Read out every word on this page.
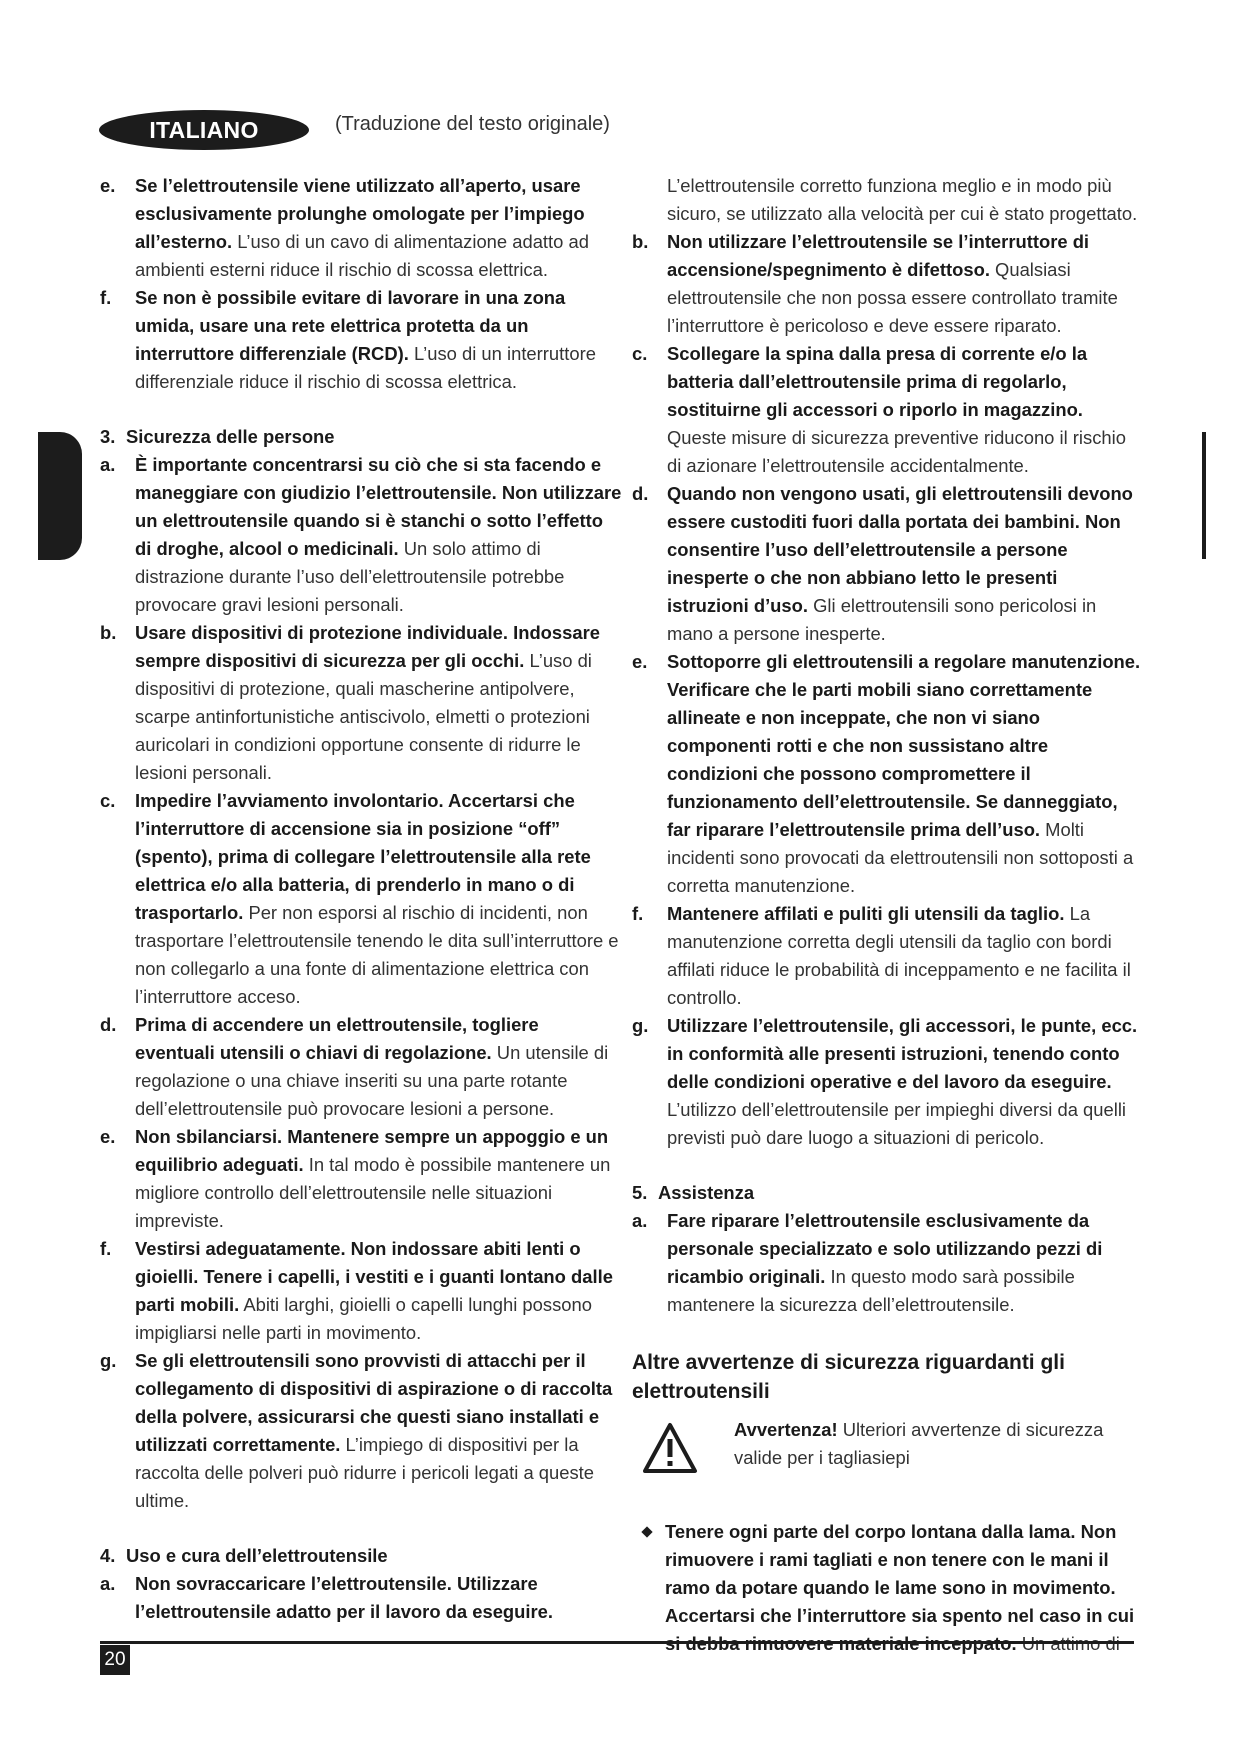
ITALIANO	(Traduzione del testo originale)
e. Se l’elettroutensile viene utilizzato all’aperto, usare esclusivamente prolunghe omologate per l’impiego all’esterno. L’uso di un cavo di alimentazione adatto ad ambienti esterni riduce il rischio di scossa elettrica.
f. Se non è possibile evitare di lavorare in una zona umida, usare una rete elettrica protetta da un interruttore differenziale (RCD). L’uso di un interruttore differenziale riduce il rischio di scossa elettrica.
3. Sicurezza delle persone
a. È importante concentrarsi su ciò che si sta facendo e maneggiare con giudizio l’elettroutensile. Non utilizzare un elettroutensile quando si è stanchi o sotto l’effetto di droghe, alcool o medicinali. Un solo attimo di distrazione durante l’uso dell’elettroutensile potrebbe provocare gravi lesioni personali.
b. Usare dispositivi di protezione individuale. Indossare sempre dispositivi di sicurezza per gli occhi. L’uso di dispositivi di protezione, quali mascherine antipolvere, scarpe antinfortunistiche antiscivolo, elmetti o protezioni auricolari in condizioni opportune consente di ridurre le lesioni personali.
c. Impedire l’avviamento involontario. Accertarsi che l’interruttore di accensione sia in posizione “off” (spento), prima di collegare l’elettroutensile alla rete elettrica e/o alla batteria, di prenderlo in mano o di trasportarlo. Per non esporsi al rischio di incidenti, non trasportare l’elettroutensile tenendo le dita sull’interruttore e non collegarlo a una fonte di alimentazione elettrica con l’interruttore acceso.
d. Prima di accendere un elettroutensile, togliere eventuali utensili o chiavi di regolazione. Un utensile di regolazione o una chiave inseriti su una parte rotante dell’elettroutensile può provocare lesioni a persone.
e. Non sbilanciarsi. Mantenere sempre un appoggio e un equilibrio adeguati. In tal modo è possibile mantenere un migliore controllo dell’elettroutensile nelle situazioni impreviste.
f. Vestirsi adeguatamente. Non indossare abiti lenti o gioielli. Tenere i capelli, i vestiti e i guanti lontano dalle parti mobili. Abiti larghi, gioielli o capelli lunghi possono impigliarsi nelle parti in movimento.
g. Se gli elettroutensili sono provvisti di attacchi per il collegamento di dispositivi di aspirazione o di raccolta della polvere, assicurarsi che questi siano installati e utilizzati correttamente. L’impiego di dispositivi per la raccolta delle polveri può ridurre i pericoli legati a queste ultime.
4. Uso e cura dell’elettroutensile
a. Non sovraccaricare l’elettroutensile. Utilizzare l’elettroutensile adatto per il lavoro da eseguire.
L’elettroutensile corretto funziona meglio e in modo più sicuro, se utilizzato alla velocità per cui è stato progettato.
b. Non utilizzare l’elettroutensile se l’interruttore di accensione/spegnimento è difettoso. Qualsiasi elettroutensile che non possa essere controllato tramite l’interruttore è pericoloso e deve essere riparato.
c. Scollegare la spina dalla presa di corrente e/o la batteria dall’elettroutensile prima di regolarlo, sostituirne gli accessori o riporlo in magazzino. Queste misure di sicurezza preventive riducono il rischio di azionare l’elettroutensile accidentalmente.
d. Quando non vengono usati, gli elettroutensili devono essere custoditi fuori dalla portata dei bambini. Non consentire l’uso dell’elettroutensile a persone inesperte o che non abbiano letto le presenti istruzioni d’uso. Gli elettroutensili sono pericolosi in mano a persone inesperte.
e. Sottoporre gli elettroutensili a regolare manutenzione. Verificare che le parti mobili siano correttamente allineate e non inceppate, che non vi siano componenti rotti e che non sussistano altre condizioni che possono compromettere il funzionamento dell’elettroutensile. Se danneggiato, far riparare l’elettroutensile prima dell’uso. Molti incidenti sono provocati da elettroutensili non sottoposti a corretta manutenzione.
f. Mantenere affilati e puliti gli utensili da taglio. La manutenzione corretta degli utensili da taglio con bordi affilati riduce le probabilità di inceppamento e ne facilita il controllo.
g. Utilizzare l’elettroutensile, gli accessori, le punte, ecc. in conformità alle presenti istruzioni, tenendo conto delle condizioni operative e del lavoro da eseguire. L’utilizzo dell’elettroutensile per impieghi diversi da quelli previsti può dare luogo a situazioni di pericolo.
5. Assistenza
a. Fare riparare l’elettroutensile esclusivamente da personale specializzato e solo utilizzando pezzi di ricambio originali. In questo modo sarà possibile mantenere la sicurezza dell’elettroutensile.
Altre avvertenze di sicurezza riguardanti gli elettroutensili
Avvertenza! Ulteriori avvertenze di sicurezza valide per i tagliasiepi
Tenere ogni parte del corpo lontana dalla lama. Non rimuovere i rami tagliati e non tenere con le mani il ramo da potare quando le lame sono in movimento. Accertarsi che l’interruttore sia spento nel caso in cui
20
